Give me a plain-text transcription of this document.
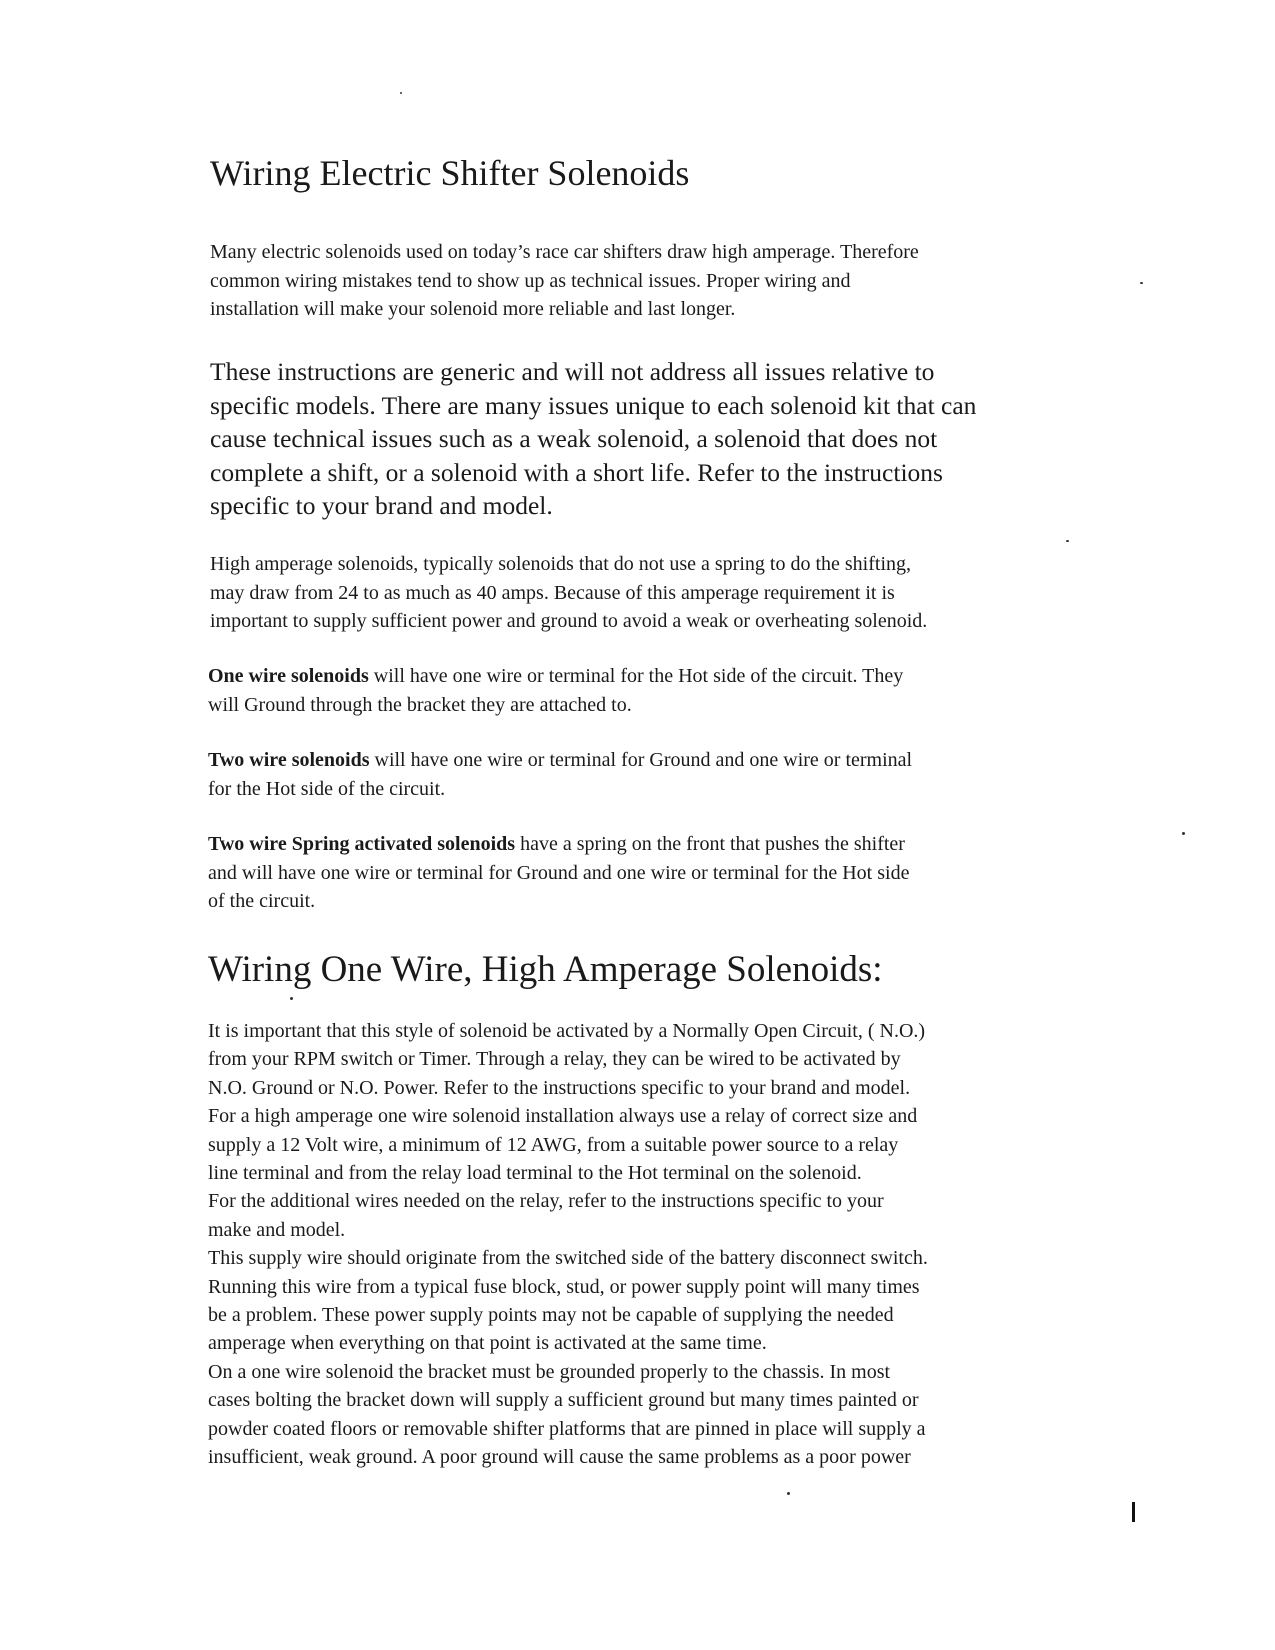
Wiring Electric Shifter Solenoids

Many electric solenoids used on today’s race car shifters draw high amperage. Therefore
common wiring mistakes tend to show up as technical issues. Proper wiring and
installation will make your solenoid more reliable and last longer.

These instructions are generic and will not address all issues relative to
specific models. There are many issues unique to each solenoid kit that can
cause technical issues such as a weak solenoid, a solenoid that does not
complete a shift, or a solenoid with a short life. Refer to the instructions
specific to your brand and model.

High amperage solenoids, typically solenoids that do not use a spring to do the shifting,
may draw from 24 to as much as 40 amps. Because of this amperage requirement it is
important to supply sufficient power and ground to avoid a weak or overheating solenoid.

One wire solenoids will have one wire or terminal for the Hot side of the circuit. They
will Ground through the bracket they are attached to.

Two wire solenoids will have one wire or terminal for Ground and one wire or terminal
for the Hot side of the circuit.

Two wire Spring activated solenoids have a spring on the front that pushes the shifter
and will have one wire or terminal for Ground and one wire or terminal for the Hot side
of the circuit.

Wiring One Wire, High Amperage Solenoids:

It is important that this style of solenoid be activated by a Normally Open Circuit, ( N.O.)
from your RPM switch or Timer. Through a relay, they can be wired to be activated by
N.O. Ground or N.O. Power. Refer to the instructions specific to your brand and model.
For a high amperage one wire solenoid installation always use a relay of correct size and
supply a 12 Volt wire, a minimum of 12 AWG, from a suitable power source to a relay
line terminal and from the relay load terminal to the Hot terminal on the solenoid.
For the additional wires needed on the relay, refer to the instructions specific to your
make and model.
This supply wire should originate from the switched side of the battery disconnect switch.
Running this wire from a typical fuse block, stud, or power supply point will many times
be a problem. These power supply points may not be capable of supplying the needed
amperage when everything on that point is activated at the same time.
On a one wire solenoid the bracket must be grounded properly to the chassis. In most
cases bolting the bracket down will supply a sufficient ground but many times painted or
powder coated floors or removable shifter platforms that are pinned in place will supply a
insufficient, weak ground. A poor ground will cause the same problems as a poor power
